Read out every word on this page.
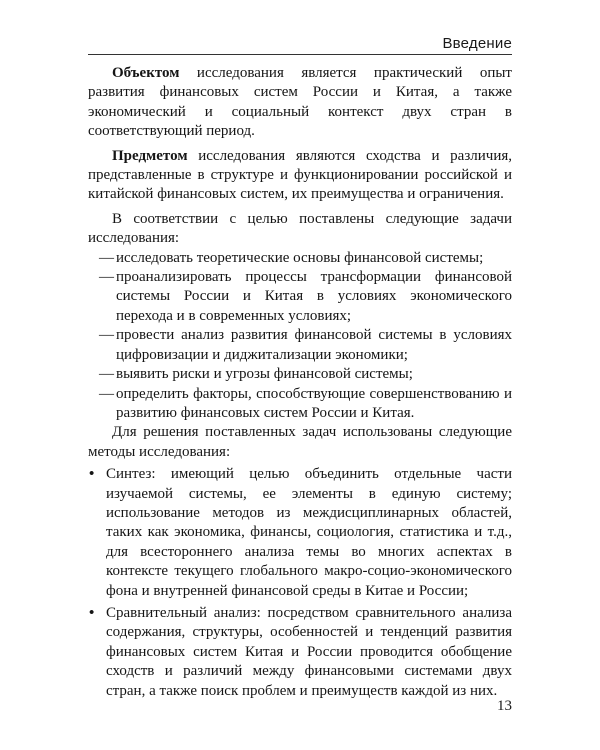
Введение

Объектом исследования является практический опыт развития финансовых систем России и Китая, а также экономический и социальный контекст двух стран в соответствующий период.

Предметом исследования являются сходства и различия, представленные в структуре и функционировании российской и китайской финансовых систем, их преимущества и ограничения.

В соответствии с целью поставлены следующие задачи исследования:

— исследовать теоретические основы финансовой системы;

— проанализировать процессы трансформации финансовой системы России и Китая в условиях экономического перехода и в современных условиях;

— провести анализ развития финансовой системы в условиях цифровизации и диджитализации экономики;

— выявить риски и угрозы финансовой системы;

— определить факторы, способствующие совершенствованию и развитию финансовых систем России и Китая.

Для решения поставленных задач использованы следующие методы исследования:

• Синтез: имеющий целью объединить отдельные части изучаемой системы, ее элементы в единую систему; использование методов из междисциплинарных областей, таких как экономика, финансы, социология, статистика и т.д., для всестороннего анализа темы во многих аспектах в контексте текущего глобального макро-социо-экономического фона и внутренней финансовой среды в Китае и России;

• Сравнительный анализ: посредством сравнительного анализа содержания, структуры, особенностей и тенденций развития финансовых систем Китая и России проводится обобщение сходств и различий между финансовыми системами двух стран, а также поиск проблем и преимуществ каждой из них.

13
